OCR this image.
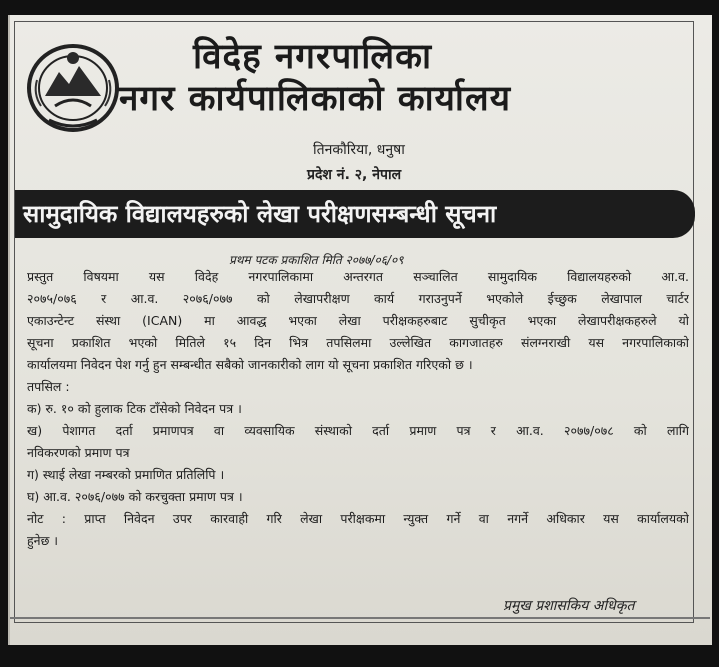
विदेह नगरपालिका
नगर कार्यपालिकाको कार्यालय
तिनकौरिया, धनुषा
प्रदेश नं. २, नेपाल
सामुदायिक विद्यालयहरुको लेखा परीक्षणसम्बन्धी सूचना
प्रथम पटक प्रकाशित मिति २०७७/०६/०९
प्रस्तुत विषयमा यस विदेह नगरपालिकामा अन्तरगत सञ्चालित सामुदायिक विद्यालयहरुको आ.व.
२०७५/०७६ र आ.व. २०७६/०७७ को लेखापरीक्षण कार्य गराउनुपर्ने भएकोले ईच्छुक लेखापाल चार्टर
एकाउन्टेन्ट संस्था (ICAN) मा आवद्ध भएका लेखा परीक्षकहरुबाट सुचीकृत भएका लेखापरीक्षकहरुले यो
सूचना प्रकाशित भएको मितिले १५ दिन भित्र तपसिलमा उल्लेखित कागजातहरु संलग्नराखी यस नगरपालिकाको
कार्यालयमा निवेदन पेश गर्नु हुन सम्बन्धीत सबैको जानकारीको लाग यो सूचना प्रकाशित गरिएको छ ।
तपसिल :
क) रु. १० को हुलाक टिक टाँसेको निवेदन पत्र ।
ख) पेशागत दर्ता प्रमाणपत्र वा व्यवसायिक संस्थाको दर्ता प्रमाण पत्र र आ.व. २०७७/०७८ को लागि
नविकरणको प्रमाण पत्र
ग) स्थाई लेखा नम्बरको प्रमाणित प्रतिलिपि ।
घ) आ.व. २०७६/०७७ को करचुक्ता प्रमाण पत्र ।
नोट : प्राप्त निवेदन उपर कारवाही गरि लेखा परीक्षकमा न्युक्त गर्ने वा नगर्ने अधिकार यस कार्यालयको
हुनेछ ।
प्रमुख प्रशासकिय अधिकृत
